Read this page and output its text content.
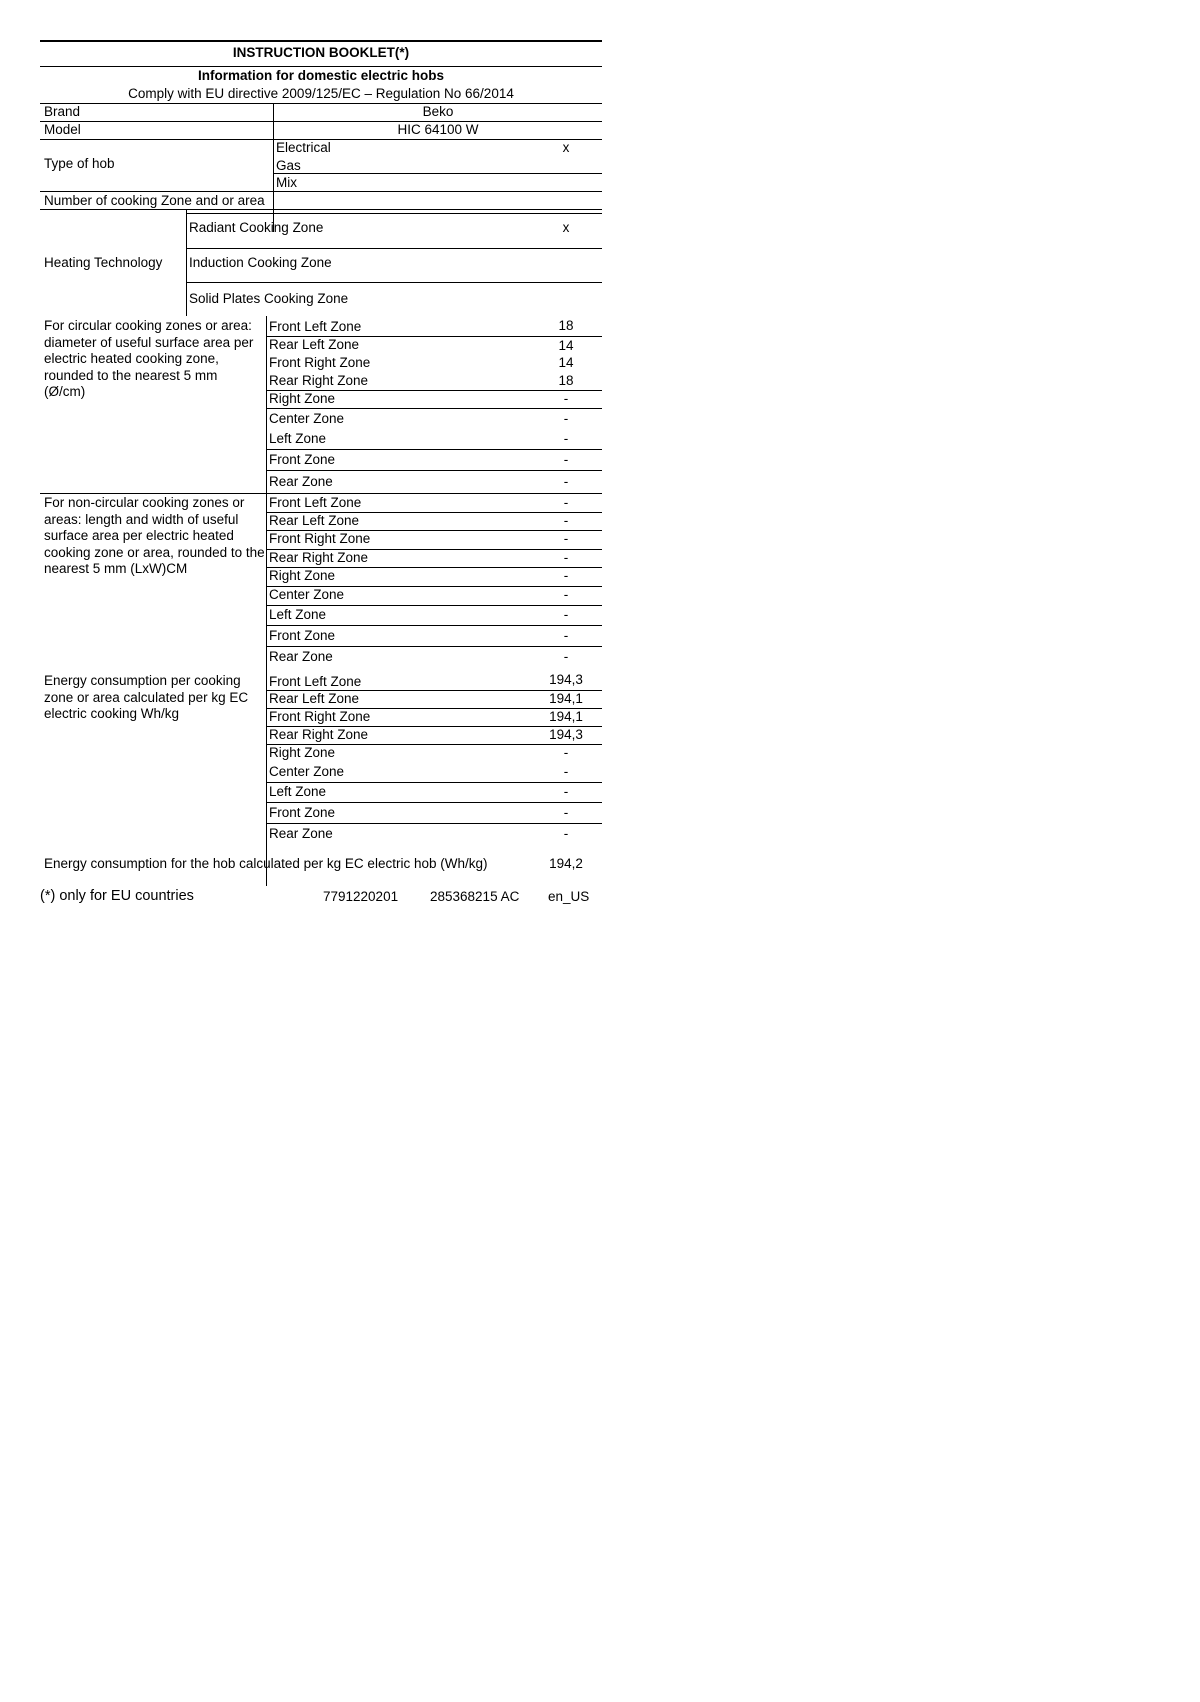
INSTRUCTION BOOKLET(*)
Information for domestic electric hobs
Comply with EU directive 2009/125/EC – Regulation No 66/2014
Brand	Beko
Model	HIC 64100 W
Type of hob
Electrical	x
Gas
Mix
Number of cooking Zone and or area
Heating Technology
Radiant Cooking Zone	x
Induction Cooking Zone
Solid Plates Cooking Zone
For circular cooking zones or area: diameter of useful surface area per electric heated cooking zone, rounded to the nearest 5 mm (Ø/cm)
Front Left Zone	18
Rear Left Zone	14
Front Right Zone	14
Rear Right Zone	18
Right Zone	-
Center Zone	-
Left Zone	-
Front Zone	-
Rear Zone	-
For non-circular cooking zones or areas: length and width of useful surface area per electric heated cooking zone or area, rounded to the nearest 5 mm (LxW)CM
Front Left Zone	-
Rear Left Zone	-
Front Right Zone	-
Rear Right Zone	-
Right Zone	-
Center Zone	-
Left Zone	-
Front Zone	-
Rear Zone	-
Energy consumption per cooking zone or area calculated per kg EC electric cooking Wh/kg
Front Left Zone	194,3
Rear Left Zone	194,1
Front Right Zone	194,1
Rear Right Zone	194,3
Right Zone	-
Center Zone	-
Left Zone	-
Front Zone	-
Rear Zone	-
Energy consumption for the hob calculated per kg EC electric hob (Wh/kg)	194,2
(*) only for EU countries	7791220201 285368215 AC en_US
